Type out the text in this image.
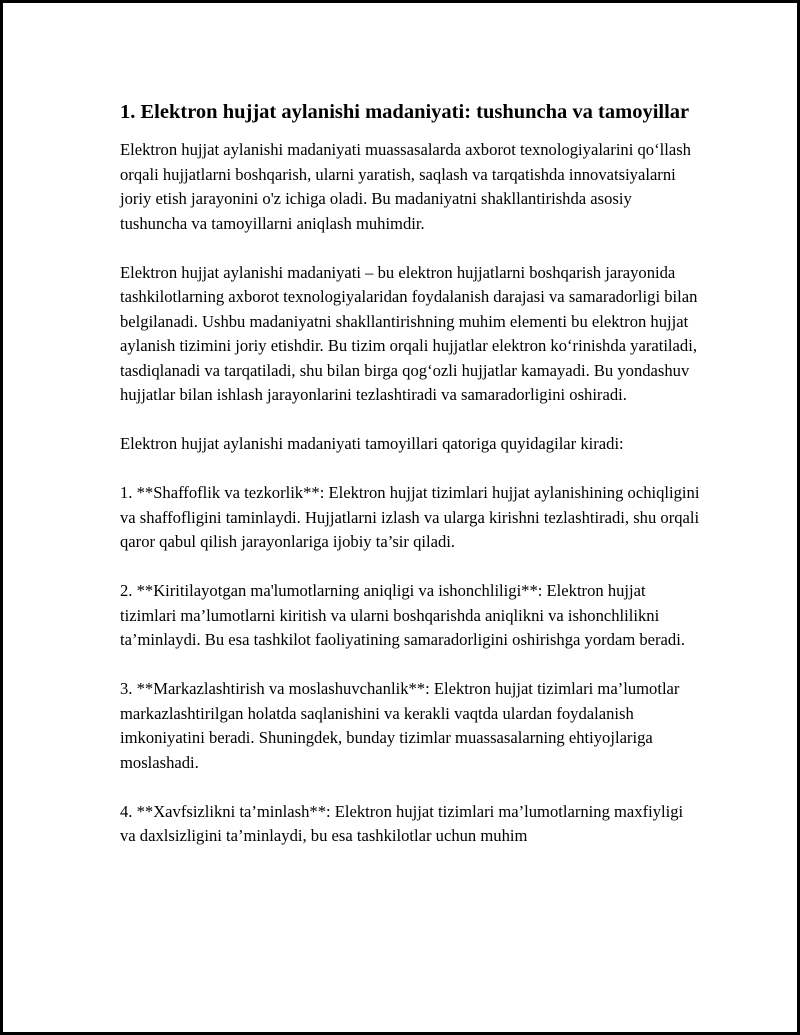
1. Elektron hujjat aylanishi madaniyati: tushuncha va tamoyillar

Elektron hujjat aylanishi madaniyati muassasalarda axborot texnologiyalarini qo‘llash orqali hujjatlarni boshqarish, ularni yaratish, saqlash va tarqatishda innovatsiyalarni joriy etish jarayonini o'z ichiga oladi. Bu madaniyatni shakllantirishda asosiy tushuncha va tamoyillarni aniqlash muhimdir.

Elektron hujjat aylanishi madaniyati – bu elektron hujjatlarni boshqarish jarayonida tashkilotlarning axborot texnologiyalaridan foydalanish darajasi va samaradorligi bilan belgilanadi. Ushbu madaniyatni shakllantirishning muhim elementi bu elektron hujjat aylanish tizimini joriy etishdir. Bu tizim orqali hujjatlar elektron ko‘rinishda yaratiladi, tasdiqlanadi va tarqatiladi, shu bilan birga qog‘ozli hujjatlar kamayadi. Bu yondashuv hujjatlar bilan ishlash jarayonlarini tezlashtiradi va samaradorligini oshiradi.

Elektron hujjat aylanishi madaniyati tamoyillari qatoriga quyidagilar kiradi:

1. **Shaffoflik va tezkorlik**: Elektron hujjat tizimlari hujjat aylanishining ochiqligini va shaffofligini taminlaydi. Hujjatlarni izlash va ularga kirishni tezlashtiradi, shu orqali qaror qabul qilish jarayonlariga ijobiy ta’sir qiladi.

2. **Kiritilayotgan ma'lumotlarning aniqligi va ishonchliligi**: Elektron hujjat tizimlari ma’lumotlarni kiritish va ularni boshqarishda aniqlikni va ishonchlilikni ta’minlaydi. Bu esa tashkilot faoliyatining samaradorligini oshirishga yordam beradi.

3. **Markazlashtirish va moslashuvchanlik**: Elektron hujjat tizimlari ma’lumotlar markazlashtirilgan holatda saqlanishini va kerakli vaqtda ulardan foydalanish imkoniyatini beradi. Shuningdek, bunday tizimlar muassasalarning ehtiyojlariga moslashadi.

4. **Xavfsizlikni ta’minlash**: Elektron hujjat tizimlari ma’lumotlarning maxfiyligi va daxlsizligini ta’minlaydi, bu esa tashkilotlar uchun muhim
